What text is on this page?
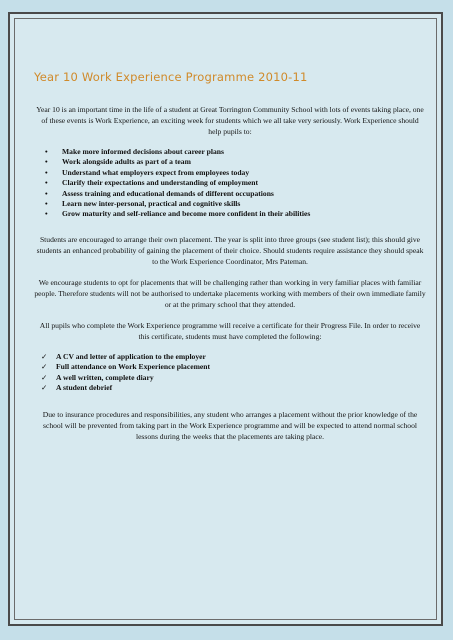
Year 10 Work Experience Programme 2010-11

Year 10 is an important time in the life of a student at Great Torrington Community School with lots of events taking place, one of these events is Work Experience, an exciting week for students which we all take very seriously. Work Experience should help pupils to:

• Make more informed decisions about career plans
• Work alongside adults as part of a team
• Understand what employers expect from employees today
• Clarify their expectations and understanding of employment
• Assess training and educational demands of different occupations
• Learn new inter-personal, practical and cognitive skills
• Grow maturity and self-reliance and become more confident in their abilities

Students are encouraged to arrange their own placement. The year is split into three groups (see student list); this should give students an enhanced probability of gaining the placement of their choice. Should students require assistance they should speak to the Work Experience Coordinator, Mrs Pateman.

We encourage students to opt for placements that will be challenging rather than working in very familiar places with familiar people. Therefore students will not be authorised to undertake placements working with members of their own immediate family or at the primary school that they attended.

All pupils who complete the Work Experience programme will receive a certificate for their Progress File. In order to receive this certificate, students must have completed the following:

✓ A CV and letter of application to the employer
✓ Full attendance on Work Experience placement
✓ A well written, complete diary
✓ A student debrief

Due to insurance procedures and responsibilities, any student who arranges a placement without the prior knowledge of the school will be prevented from taking part in the Work Experience programme and will be expected to attend normal school lessons during the weeks that the placements are taking place.
